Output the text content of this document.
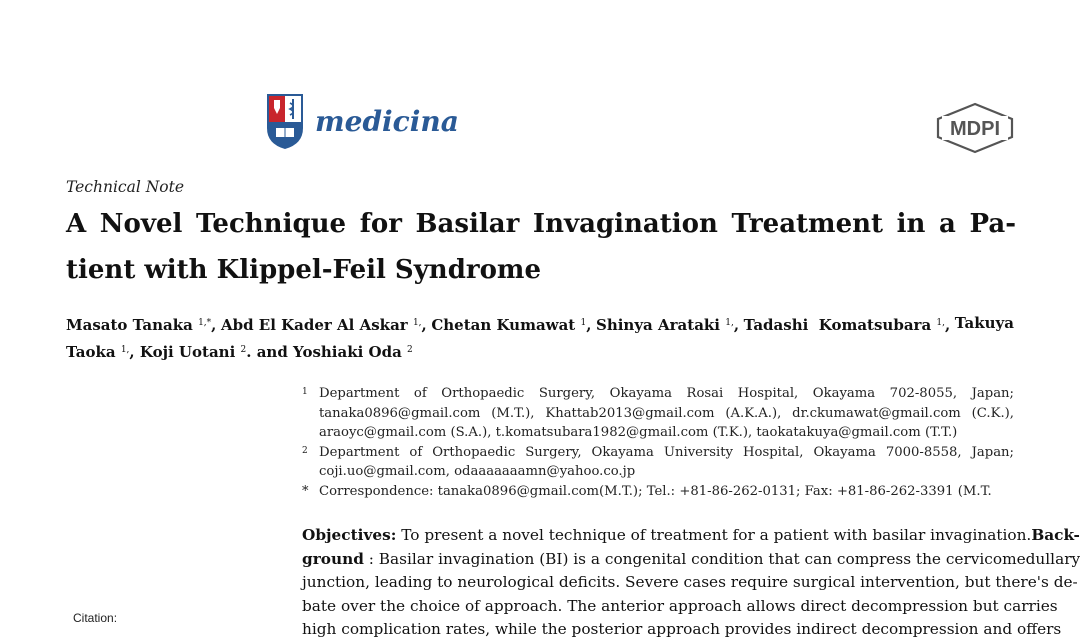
medicina	MDPI
Technical Note
A Novel Technique for Basilar Invagination Treatment in a Pa-
tient with Klippel-Feil Syndrome
Masato Tanaka $^{1,*}$, Abd El Kader Al Askar $^{1,}$, Chetan Kumawat $^1$, Shinya Arataki $^{1,}$, Tadashi  Komatsubara $^{1,}$, Takuya
Taoka $^{1,}$, Koji Uotani $^2$. and Yoshiaki Oda $^2$
1 Department of Orthopaedic Surgery, Okayama Rosai Hospital, Okayama 702-8055, Japan;
tanaka0896@gmail.com (M.T.), Khattab2013@gmail.com (A.K.A.), dr.ckumawat@gmail.com (C.K.),
araoyc@gmail.com (S.A.), t.komatsubara1982@gmail.com (T.K.), taokatakuya@gmail.com (T.T.)
2 Department of Orthopaedic Surgery, Okayama University Hospital, Okayama 7000-8558, Japan;
coji.uo@gmail.com, odaaaaaaamn@yahoo.co.jp
* Correspondence: tanaka0896@gmail.com(M.T.); Tel.: +81-86-262-0131; Fax: +81-86-262-3391 (M.T.
Objectives: To present a novel technique of treatment for a patient with basilar invagination.Back-
ground : Basilar invagination (BI) is a congenital condition that can compress the cervicomedullary
junction, leading to neurological deficits. Severe cases require surgical intervention, but there's de-
bate over the choice of approach. The anterior approach allows direct decompression but carries
high complication rates, while the posterior approach provides indirect decompression and offers
Citation:
